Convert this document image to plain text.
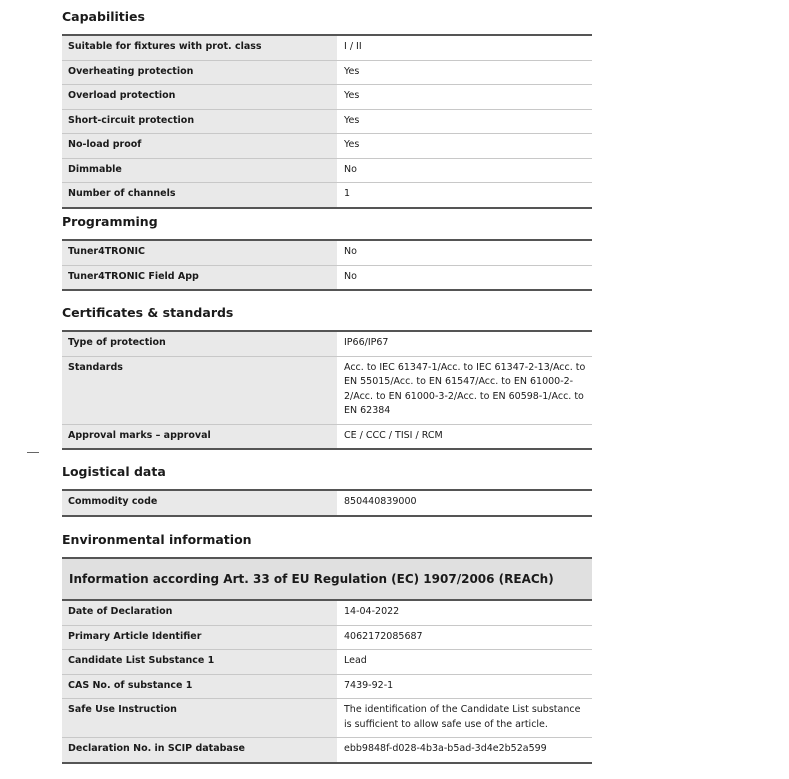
Capabilities
Suitable for fixtures with prot. class	I / II
Overheating protection	Yes
Overload protection	Yes
Short-circuit protection	Yes
No-load proof	Yes
Dimmable	No
Number of channels	1
Programming
Tuner4TRONIC	No
Tuner4TRONIC Field App	No
Certificates & standards
Type of protection	IP66/IP67
Standards	Acc. to IEC 61347-1/Acc. to IEC 61347-2-13/Acc. to EN 55015/Acc. to EN 61547/Acc. to EN 61000-2-2/Acc. to EN 61000-3-2/Acc. to EN 60598-1/Acc. to EN 62384
Approval marks – approval	CE / CCC / TISI / RCM
Logistical data
Commodity code	850440839000
Environmental information
Information according Art. 33 of EU Regulation (EC) 1907/2006 (REACh)
Date of Declaration	14-04-2022
Primary Article Identifier	4062172085687
Candidate List Substance 1	Lead
CAS No. of substance 1	7439-92-1
Safe Use Instruction	The identification of the Candidate List substance is sufficient to allow safe use of the article.
Declaration No. in SCIP database	ebb9848f-d028-4b3a-b5ad-3d4e2b52a599
